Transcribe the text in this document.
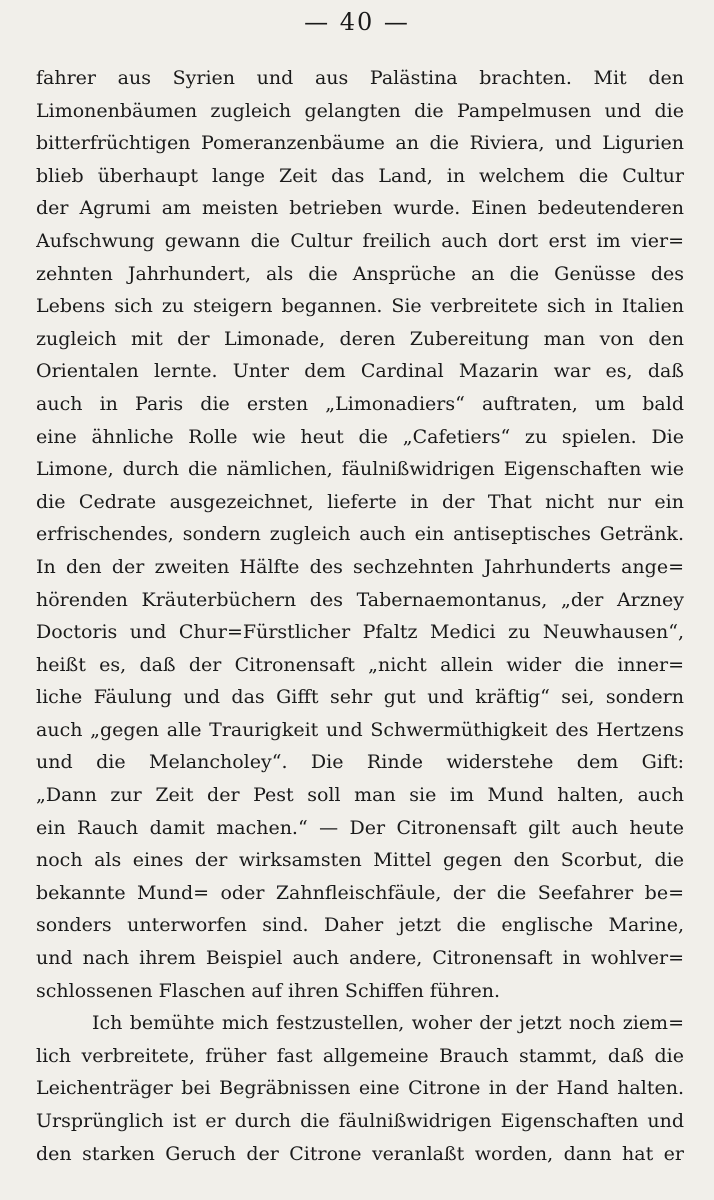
— 40 —
fahrer aus Syrien und aus Palästina brachten. Mit den
Limonenbäumen zugleich gelangten die Pampelmusen und die
bitterfrüchtigen Pomeranzenbäume an die Riviera, und Ligurien
blieb überhaupt lange Zeit das Land, in welchem die Cultur
der Agrumi am meisten betrieben wurde. Einen bedeutenderen
Aufschwung gewann die Cultur freilich auch dort erst im vier=
zehnten Jahrhundert, als die Ansprüche an die Genüsse des
Lebens sich zu steigern begannen. Sie verbreitete sich in Italien
zugleich mit der Limonade, deren Zubereitung man von den
Orientalen lernte. Unter dem Cardinal Mazarin war es, daß
auch in Paris die ersten „Limonadiers“ auftraten, um bald
eine ähnliche Rolle wie heut die „Cafetiers“ zu spielen. Die
Limone, durch die nämlichen, fäulnißwidrigen Eigenschaften wie
die Cedrate ausgezeichnet, lieferte in der That nicht nur ein
erfrischendes, sondern zugleich auch ein antiseptisches Getränk.
In den der zweiten Hälfte des sechzehnten Jahrhunderts ange=
hörenden Kräuterbüchern des Tabernaemontanus, „der Arzney
Doctoris und Chur=Fürstlicher Pfaltz Medici zu Neuwhausen“,
heißt es, daß der Citronensaft „nicht allein wider die inner=
liche Fäulung und das Gifft sehr gut und kräftig“ sei, sondern
auch „gegen alle Traurigkeit und Schwermüthigkeit des Hertzens
und die Melancholey“. Die Rinde widerstehe dem Gift:
„Dann zur Zeit der Pest soll man sie im Mund halten, auch
ein Rauch damit machen.“ — Der Citronensaft gilt auch heute
noch als eines der wirksamsten Mittel gegen den Scorbut, die
bekannte Mund= oder Zahnfleischfäule, der die Seefahrer be=
sonders unterworfen sind. Daher jetzt die englische Marine,
und nach ihrem Beispiel auch andere, Citronensaft in wohlver=
schlossenen Flaschen auf ihren Schiffen führen.
Ich bemühte mich festzustellen, woher der jetzt noch ziem=
lich verbreitete, früher fast allgemeine Brauch stammt, daß die
Leichenträger bei Begräbnissen eine Citrone in der Hand halten.
Ursprünglich ist er durch die fäulnißwidrigen Eigenschaften und
den starken Geruch der Citrone veranlaßt worden, dann hat er
